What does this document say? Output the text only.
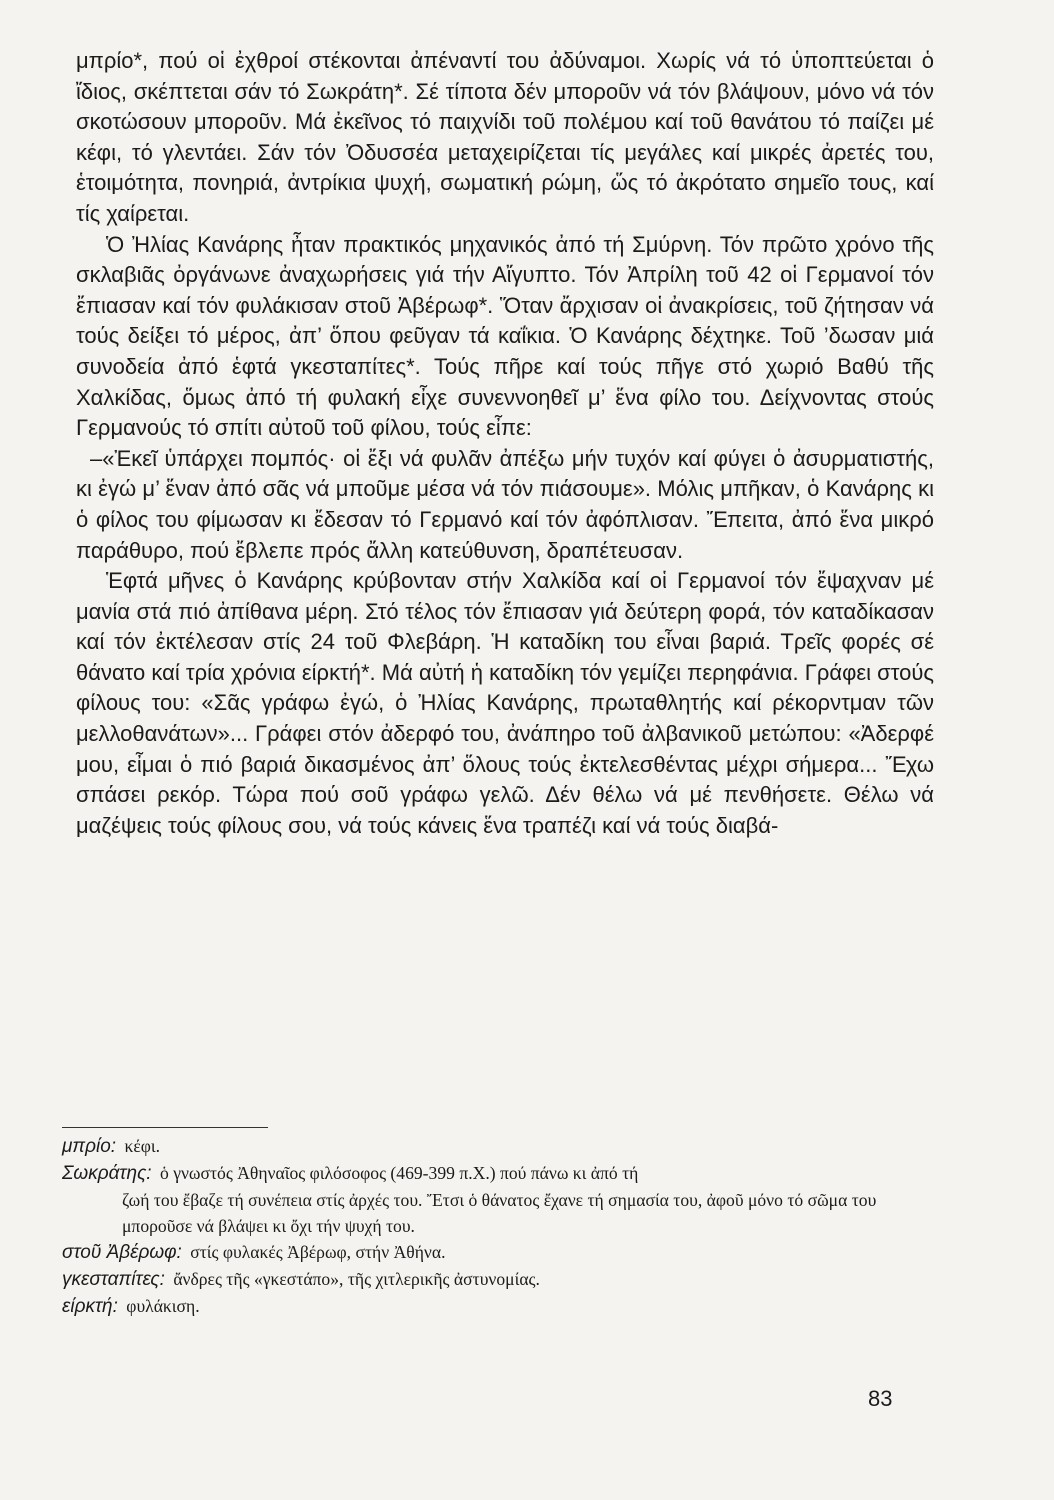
μπρίο*, πού οἱ ἐχθροί στέκονται ἀπέναντί του ἀδύναμοι. Χωρίς νά τό ὑποπτεύεται ὁ ἴδιος, σκέπτεται σάν τό Σωκράτη*. Σέ τίποτα δέν μποροῦν νά τόν βλάψουν, μόνο νά τόν σκοτώσουν μποροῦν. Μά ἐκεῖνος τό παιχνίδι τοῦ πολέμου καί τοῦ θανάτου τό παίζει μέ κέφι, τό γλεντάει. Σάν τόν Ὀδυσσέα μεταχειρίζεται τίς μεγάλες καί μικρές ἀρετές του, ἑτοιμότητα, πονηριά, ἀντρίκια ψυχή, σωματική ρώμη, ὥς τό ἀκρότατο σημεῖο τους, καί τίς χαίρεται.

Ὁ Ἠλίας Κανάρης ἦταν πρακτικός μηχανικός ἀπό τή Σμύρνη. Τόν πρῶτο χρόνο τῆς σκλαβιᾶς ὀργάνωνε ἀναχωρήσεις γιά τήν Αἴγυπτο. Τόν Ἀπρίλη τοῦ 42 οἱ Γερμανοί τόν ἔπιασαν καί τόν φυλάκισαν στοῦ Ἀβέρωφ*. Ὅταν ἄρχισαν οἱ ἀνακρίσεις, τοῦ ζήτησαν νά τούς δείξει τό μέρος, ἀπ’ ὅπου φεῦγαν τά καΐκια. Ὁ Κανάρης δέχτηκε. Τοῦ ’δωσαν μιά συνοδεία ἀπό ἑφτά γκεσταπίτες*. Τούς πῆρε καί τούς πῆγε στό χωριό Βαθύ τῆς Χαλκίδας, ὅμως ἀπό τή φυλακή εἶχε συνεννοηθεῖ μ’ ἕνα φίλο του. Δείχνοντας στούς Γερμανούς τό σπίτι αὐτοῦ τοῦ φίλου, τούς εἶπε:

–«Ἐκεῖ ὑπάρχει πομπός· οἱ ἔξι νά φυλᾶν ἀπέξω μήν τυχόν καί φύγει ὁ ἀσυρματιστής, κι ἐγώ μ’ ἕναν ἀπό σᾶς νά μποῦμε μέσα νά τόν πιάσουμε». Μόλις μπῆκαν, ὁ Κανάρης κι ὁ φίλος του φίμωσαν κι ἔδεσαν τό Γερμανό καί τόν ἀφόπλισαν. Ἔπειτα, ἀπό ἕνα μικρό παράθυρο, πού ἔβλεπε πρός ἄλλη κατεύθυνση, δραπέτευσαν.

Ἑφτά μῆνες ὁ Κανάρης κρύβονταν στήν Χαλκίδα καί οἱ Γερμανοί τόν ἔψαχναν μέ μανία στά πιό ἀπίθανα μέρη. Στό τέλος τόν ἔπιασαν γιά δεύτερη φορά, τόν καταδίκασαν καί τόν ἐκτέλεσαν στίς 24 τοῦ Φλεβάρη. Ἡ καταδίκη του εἶναι βαριά. Τρεῖς φορές σέ θάνατο καί τρία χρόνια είρκτή*. Μά αὐτή ἡ καταδίκη τόν γεμίζει περηφάνια. Γράφει στούς φίλους του: «Σᾶς γράφω ἐγώ, ὁ Ἠλίας Κανάρης, πρωταθλητής καί ρέκορντμαν τῶν μελλοθανάτων»... Γράφει στόν ἀδερφό του, ἀνάπηρο τοῦ ἀλβανικοῦ μετώπου: «Ἀδερφέ μου, εἶμαι ὁ πιό βαριά δικασμένος ἀπ’ ὅλους τούς ἐκτελεσθέντας μέχρι σήμερα... Ἔχω σπάσει ρεκόρ. Τώρα πού σοῦ γράφω γελῶ. Δέν θέλω νά μέ πενθήσετε. Θέλω νά μαζέψεις τούς φίλους σου, νά τούς κάνεις ἕνα τραπέζι καί νά τούς διαβά-

μπρίο: κέφι.

Σωκράτης: ὁ γνωστός Ἀθηναῖος φιλόσοφος (469-399 π.Χ.) πού πάνω κι ἀπό τή
ζωή του ἔβαζε τή συνέπεια στίς ἀρχές του. Ἔτσι ὁ θάνατος ἔχανε τή σημασία του, ἀφοῦ μόνο τό σῶμα του μποροῦσε νά βλάψει κι ὄχι τήν ψυχή του.

στοῦ Ἀβέρωφ: στίς φυλακές Ἀβέρωφ, στήν Ἀθήνα.

γκεσταπίτες: ἄνδρες τῆς «γκεστάπο», τῆς χιτλερικῆς ἀστυνομίας.

είρκτή: φυλάκιση.

83
